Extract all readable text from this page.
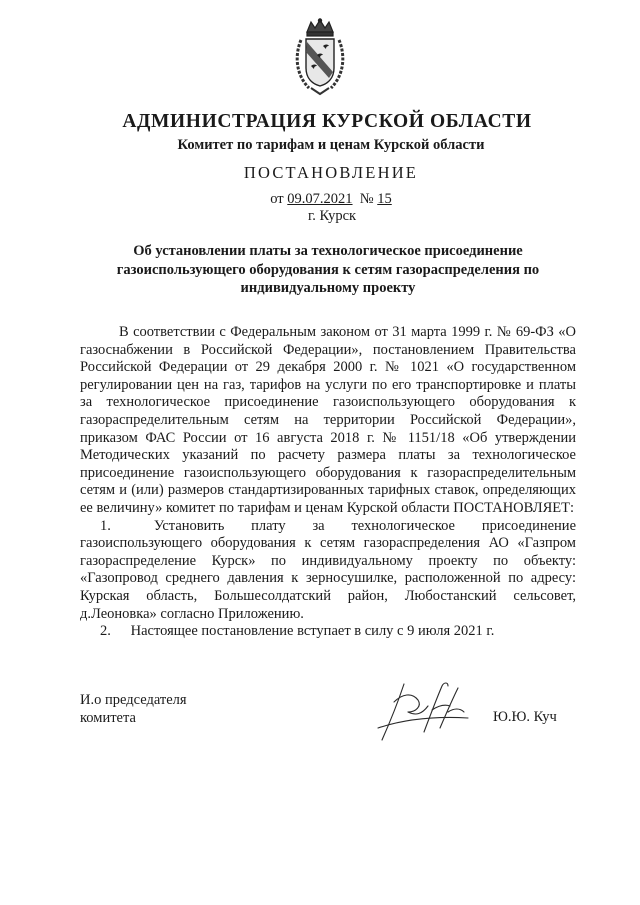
АДМИНИСТРАЦИЯ КУРСКОЙ ОБЛАСТИ
Комитет по тарифам и ценам Курской области
ПОСТАНОВЛЕНИЕ
от 09.07.2021 № 15
г. Курск
Об установлении платы за технологическое присоединение газоиспользующего оборудования к сетям газораспределения по индивидуальному проекту

В соответствии с Федеральным законом от 31 марта 1999 г. № 69-ФЗ «О газоснабжении в Российской Федерации», постановлением Правительства Российской Федерации от 29 декабря 2000 г. № 1021 «О государственном регулировании цен на газ, тарифов на услуги по его транспортировке и платы за технологическое присоединение газоиспользующего оборудования к газораспределительным сетям на территории Российской Федерации», приказом ФАС России от 16 августа 2018 г. № 1151/18 «Об утверждении Методических указаний по расчету размера платы за технологическое присоединение газоиспользующего оборудования к газораспределительным сетям и (или) размеров стандартизированных тарифных ставок, определяющих ее величину» комитет по тарифам и ценам Курской области ПОСТАНОВЛЯЕТ:

1.	Установить плату за технологическое присоединение газоиспользующего оборудования к сетям газораспределения АО «Газпром газораспределение Курск» по индивидуальному проекту по объекту: «Газопровод среднего давления к зерносушилке, расположенной по адресу: Курская область, Большесолдатский район, Любостанский сельсовет, д.Леоновка» согласно Приложению.

2. Настоящее постановление вступает в силу с 9 июля 2021 г.

И.о председателя
комитета	Ю.Ю. Куч
